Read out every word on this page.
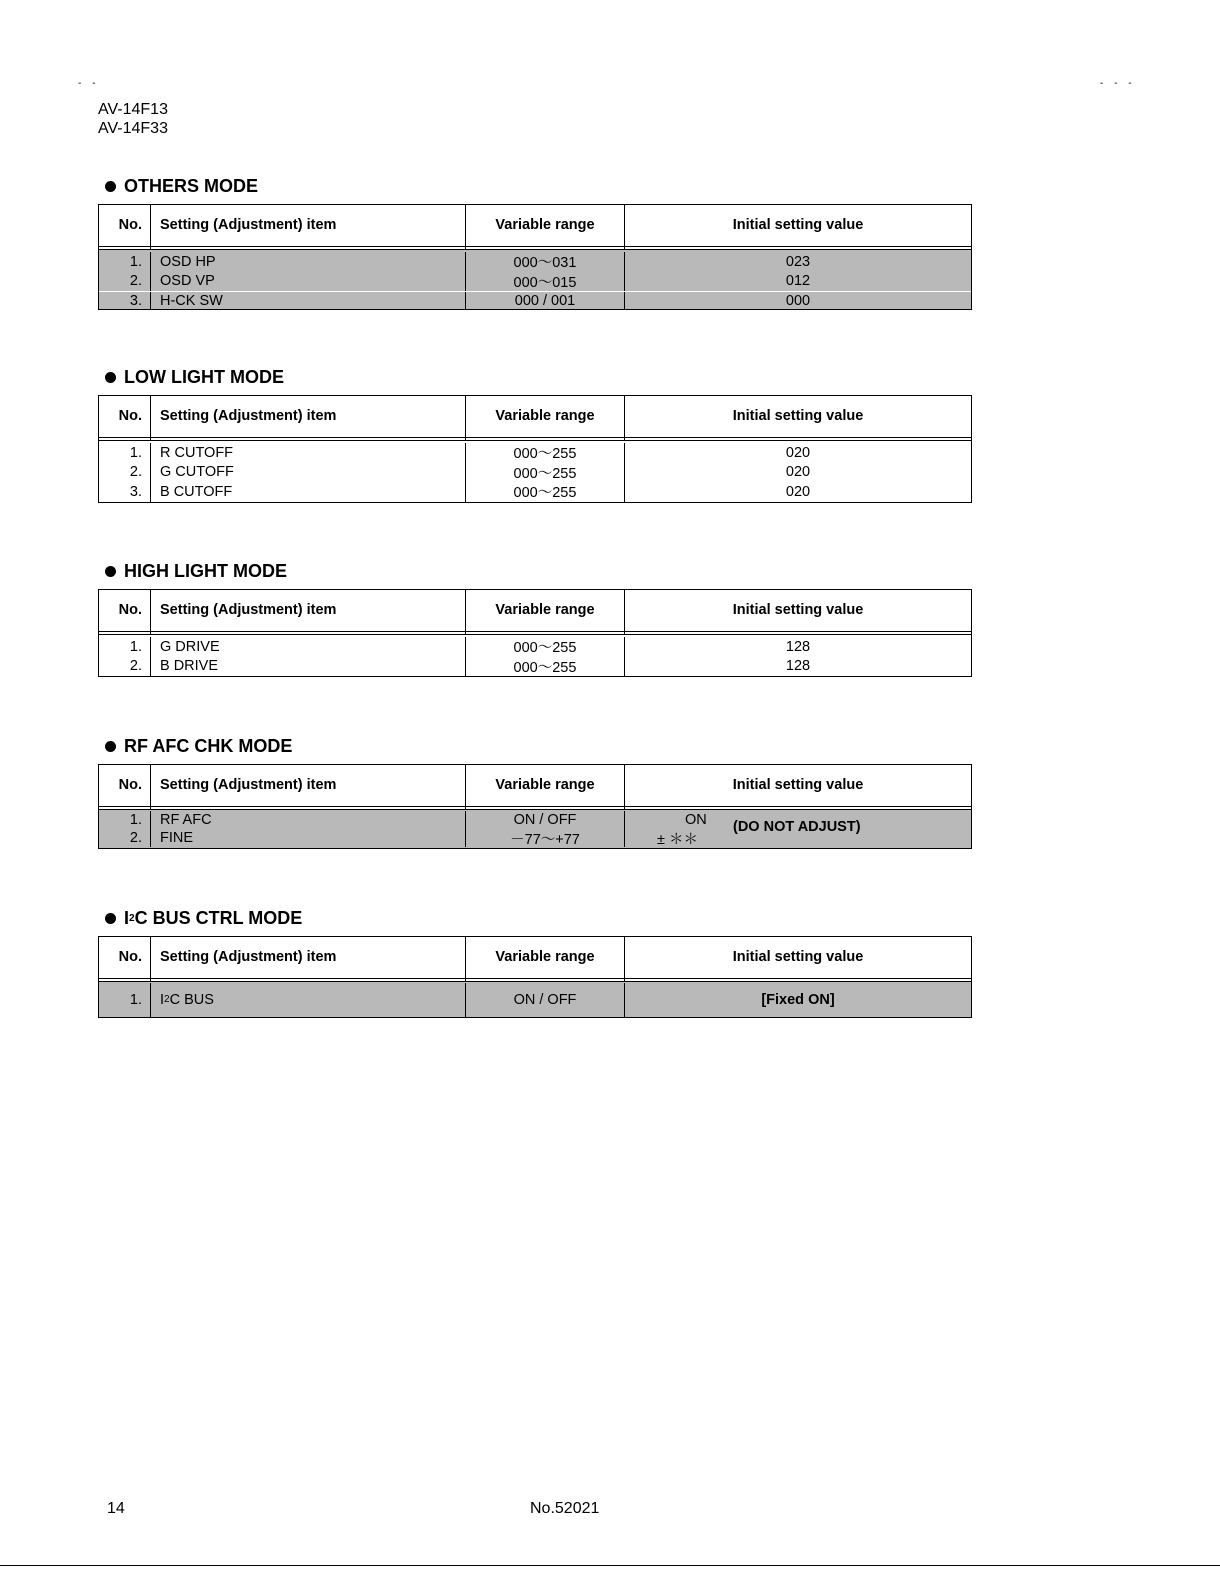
- -	- - -
AV-14F13
AV-14F33
OTHERS MODE
No.	Setting (Adjustment) item	Variable range	Initial setting value
1.	OSD HP	000～031	023
2.	OSD VP	000～015	012
3.	H-CK SW	000 / 001	000
LOW LIGHT MODE
No.	Setting (Adjustment) item	Variable range	Initial setting value
1.	R CUTOFF	000～255	020
2.	G CUTOFF	000～255	020
3.	B CUTOFF	000～255	020
HIGH LIGHT MODE
No.	Setting (Adjustment) item	Variable range	Initial setting value
1.	G DRIVE	000～255	128
2.	B DRIVE	000～255	128
RF AFC CHK MODE
No.	Setting (Adjustment) item	Variable range	Initial setting value
1.	RF AFC	ON / OFF	ON
2.	FINE	－77～+77	± ＊＊
(DO NOT ADJUST)
I 2 C BUS CTRL MODE
No.	Setting (Adjustment) item	Variable range	Initial setting value
1.	I 2 C BUS	ON / OFF	[Fixed ON]
14	No.52021
